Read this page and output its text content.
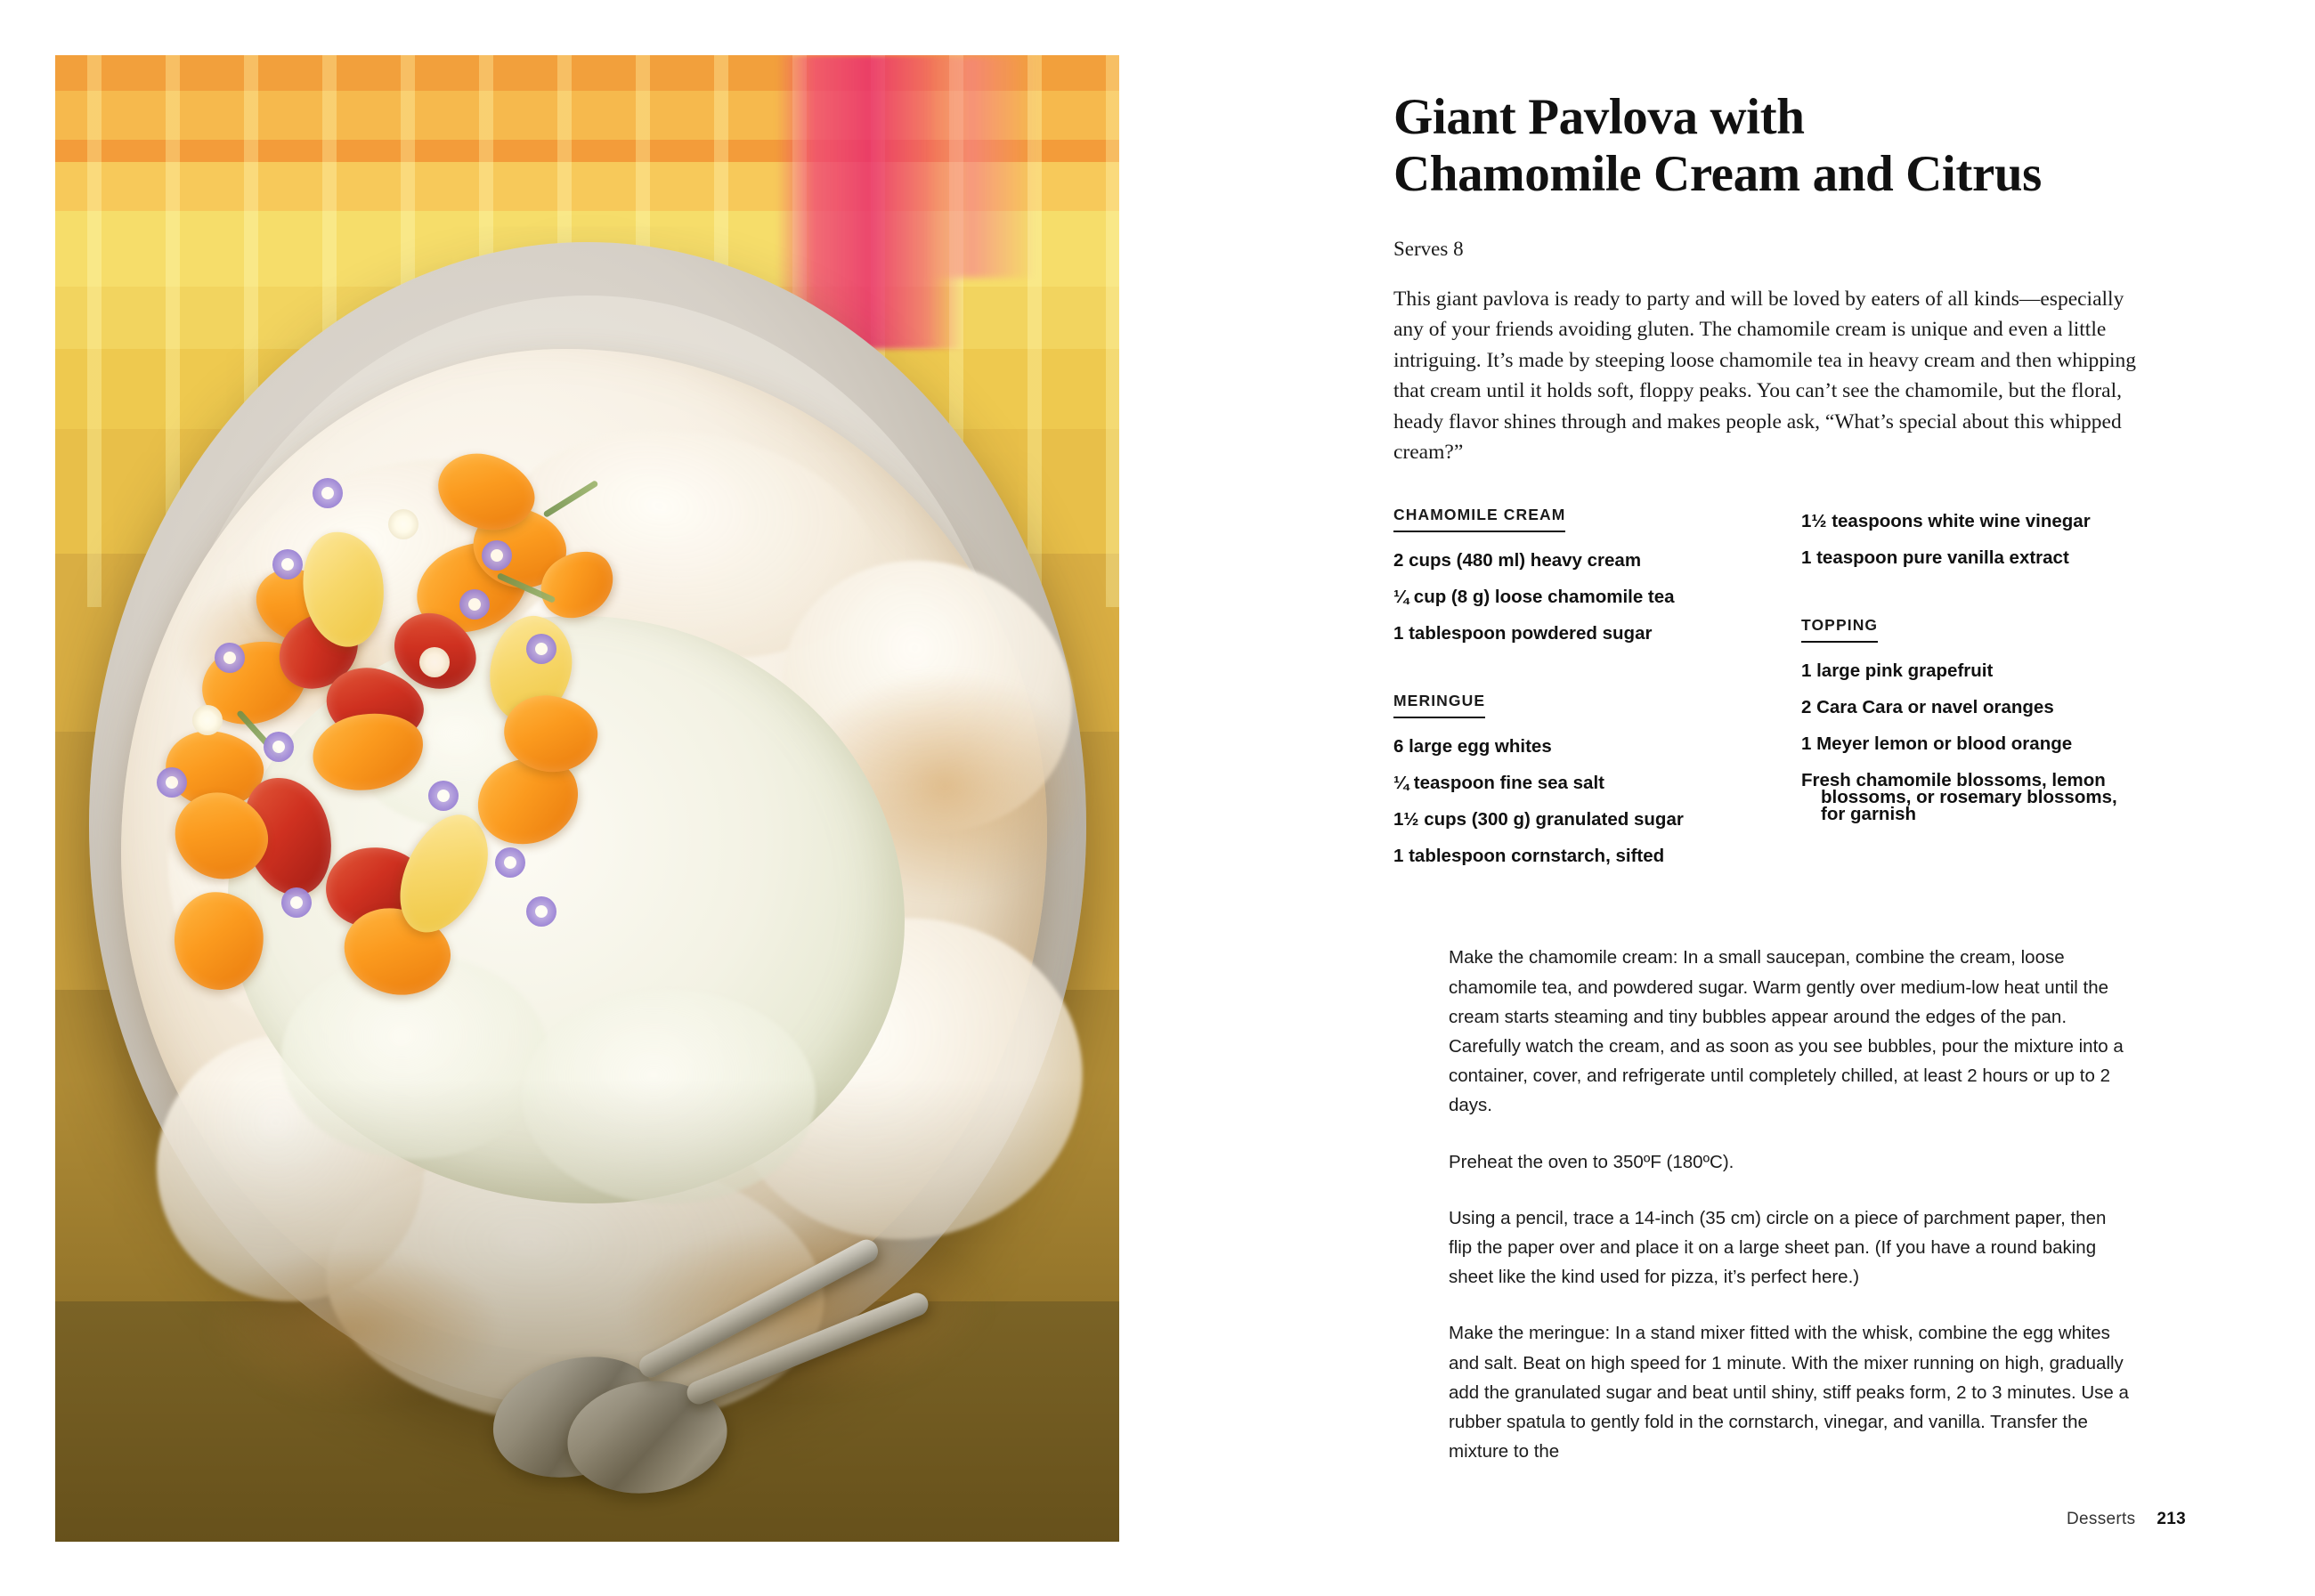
Giant Pavlova with
Chamomile Cream and Citrus
Serves 8

This giant pavlova is ready to party and will be loved by eaters of all kinds—especially any of your friends avoiding gluten. The chamomile cream is unique and even a little intriguing. It’s made by steeping loose chamomile tea in heavy cream and then whipping that cream until it holds soft, floppy peaks. You can’t see the chamomile, but the floral, heady flavor shines through and makes people ask, “What’s special about this whipped cream?”

CHAMOMILE CREAM
2 cups (480 ml) heavy cream
¼ cup (8 g) loose chamomile tea
1 tablespoon powdered sugar
MERINGUE
6 large egg whites
¼ teaspoon fine sea salt
1½ cups (300 g) granulated sugar
1 tablespoon cornstarch, sifted
1½ teaspoons white wine vinegar
1 teaspoon pure vanilla extract
TOPPING
1 large pink grapefruit
2 Cara Cara or navel oranges
1 Meyer lemon or blood orange
Fresh chamomile blossoms, lemon
blossoms, or rosemary blossoms,
for garnish

Make the chamomile cream: In a small saucepan, combine the cream, loose chamomile tea, and powdered sugar. Warm gently over medium-low heat until the cream starts steaming and tiny bubbles appear around the edges of the pan. Carefully watch the cream, and as soon as you see bubbles, pour the mixture into a container, cover, and refrigerate until completely chilled, at least 2 hours or up to 2 days.

Preheat the oven to 350ºF (180ºC).

Using a pencil, trace a 14-inch (35 cm) circle on a piece of parchment paper, then flip the paper over and place it on a large sheet pan. (If you have a round baking sheet like the kind used for pizza, it’s perfect here.)

Make the meringue: In a stand mixer fitted with the whisk, combine the egg whites and salt. Beat on high speed for 1 minute. With the mixer running on high, gradually add the granulated sugar and beat until shiny, stiff peaks form, 2 to 3 minutes. Use a rubber spatula to gently fold in the cornstarch, vinegar, and vanilla. Transfer the mixture to the

Desserts 213
